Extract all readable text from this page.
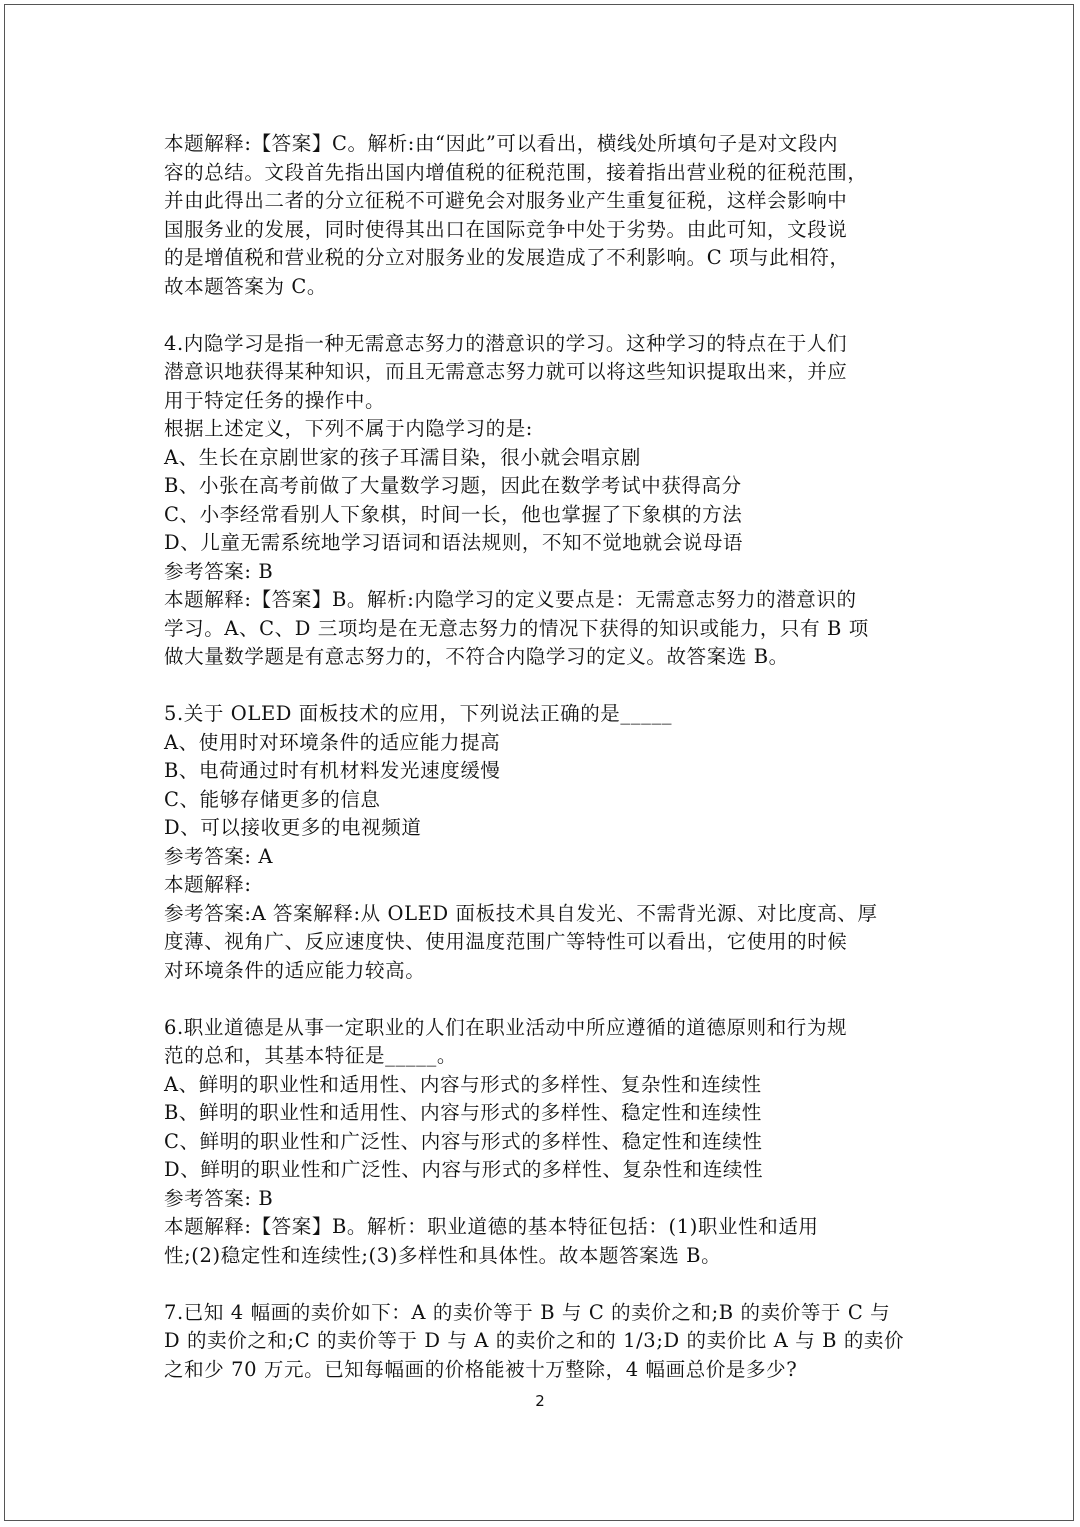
本题解释:【答案】C。解析:由“因此”可以看出，横线处所填句子是对文段内
容的总结。文段首先指出国内增值税的征税范围，接着指出营业税的征税范围，
并由此得出二者的分立征税不可避免会对服务业产生重复征税，这样会影响中
国服务业的发展，同时使得其出口在国际竞争中处于劣势。由此可知，文段说
的是增值税和营业税的分立对服务业的发展造成了不利影响。C 项与此相符，
故本题答案为 C。
4.内隐学习是指一种无需意志努力的潜意识的学习。这种学习的特点在于人们
潜意识地获得某种知识，而且无需意志努力就可以将这些知识提取出来，并应
用于特定任务的操作中。
根据上述定义，下列不属于内隐学习的是:
A、生长在京剧世家的孩子耳濡目染，很小就会唱京剧
B、小张在高考前做了大量数学习题，因此在数学考试中获得高分
C、小李经常看别人下象棋，时间一长，他也掌握了下象棋的方法
D、儿童无需系统地学习语词和语法规则，不知不觉地就会说母语
参考答案: B
本题解释:【答案】B。解析:内隐学习的定义要点是：无需意志努力的潜意识的
学习。A、C、D 三项均是在无意志努力的情况下获得的知识或能力，只有 B 项
做大量数学题是有意志努力的，不符合内隐学习的定义。故答案选 B。
5.关于 OLED 面板技术的应用，下列说法正确的是_____
A、使用时对环境条件的适应能力提高
B、电荷通过时有机材料发光速度缓慢
C、能够存储更多的信息
D、可以接收更多的电视频道
参考答案: A
本题解释:
参考答案:A 答案解释:从 OLED 面板技术具自发光、不需背光源、对比度高、厚
度薄、视角广、反应速度快、使用温度范围广等特性可以看出，它使用的时候
对环境条件的适应能力较高。
6.职业道德是从事一定职业的人们在职业活动中所应遵循的道德原则和行为规
范的总和，其基本特征是_____。
A、鲜明的职业性和适用性、内容与形式的多样性、复杂性和连续性
B、鲜明的职业性和适用性、内容与形式的多样性、稳定性和连续性
C、鲜明的职业性和广泛性、内容与形式的多样性、稳定性和连续性
D、鲜明的职业性和广泛性、内容与形式的多样性、复杂性和连续性
参考答案: B
本题解释:【答案】B。解析：职业道德的基本特征包括：(1)职业性和适用
性;(2)稳定性和连续性;(3)多样性和具体性。故本题答案选 B。
7.已知 4 幅画的卖价如下：A 的卖价等于 B 与 C 的卖价之和;B 的卖价等于 C 与
D 的卖价之和;C 的卖价等于 D 与 A 的卖价之和的 1/3;D 的卖价比 A 与 B 的卖价
之和少 70 万元。已知每幅画的价格能被十万整除，4 幅画总价是多少?
2
